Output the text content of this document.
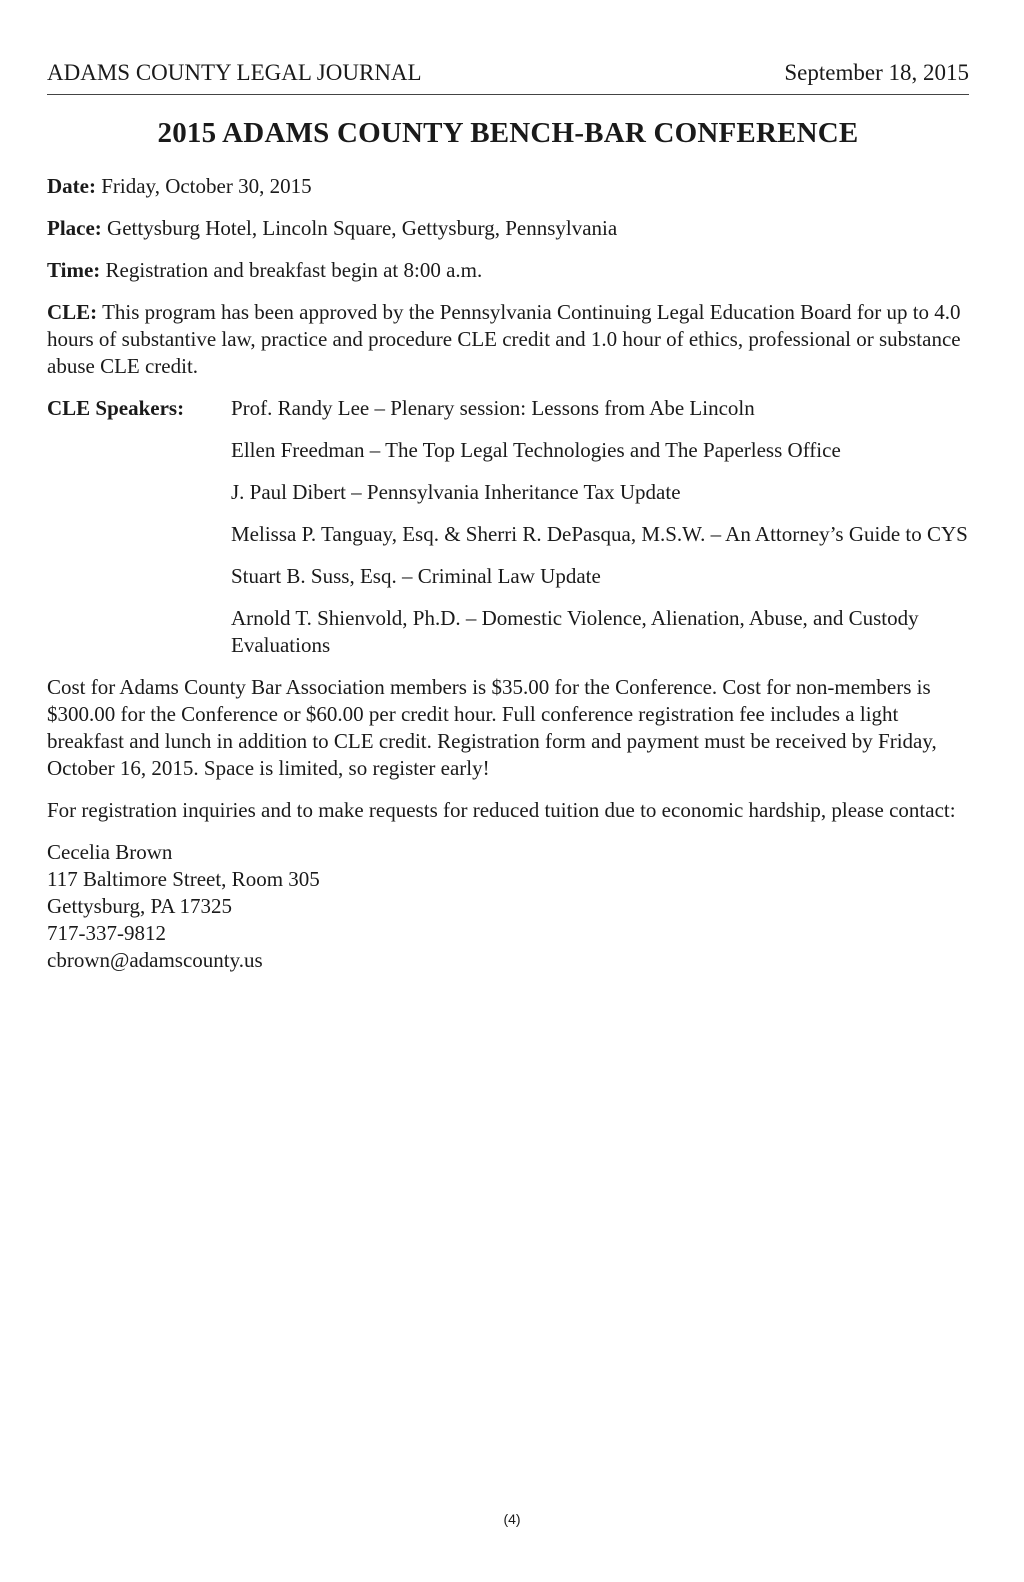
ADAMS COUNTY LEGAL JOURNAL	September 18, 2015
2015 ADAMS COUNTY BENCH-BAR CONFERENCE

Date: Friday, October 30, 2015

Place: Gettysburg Hotel, Lincoln Square, Gettysburg, Pennsylvania

Time: Registration and breakfast begin at 8:00 a.m.

CLE: This program has been approved by the Pennsylvania Continuing Legal Education Board for up to 4.0 hours of substantive law, practice and procedure CLE credit and 1.0 hour of ethics, professional or substance abuse CLE credit.

CLE Speakers:	Prof. Randy Lee – Plenary session: Lessons from Abe Lincoln

Ellen Freedman – The Top Legal Technologies and The Paperless Office

J. Paul Dibert – Pennsylvania Inheritance Tax Update

Melissa P. Tanguay, Esq. & Sherri R. DePasqua, M.S.W. – An Attorney’s Guide to CYS

Stuart B. Suss, Esq. – Criminal Law Update

Arnold T. Shienvold, Ph.D. – Domestic Violence, Alienation, Abuse, and Custody Evaluations

Cost for Adams County Bar Association members is $35.00 for the Conference. Cost for non-members is $300.00 for the Conference or $60.00 per credit hour. Full conference registration fee includes a light breakfast and lunch in addition to CLE credit. Registration form and payment must be received by Friday, October 16, 2015. Space is limited, so register early!

For registration inquiries and to make requests for reduced tuition due to economic hardship, please contact:

Cecelia Brown
117 Baltimore Street, Room 305
Gettysburg, PA 17325
717-337-9812
cbrown@adamscounty.us
(4)
